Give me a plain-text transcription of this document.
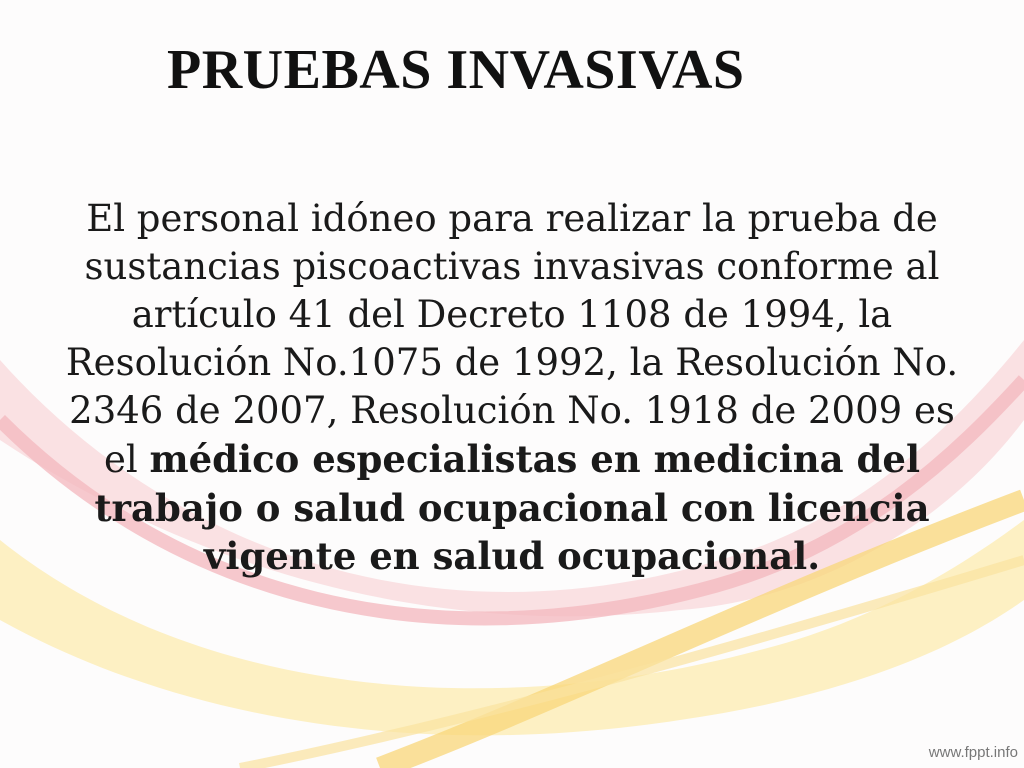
PRUEBAS INVASIVAS
El personal idóneo para realizar la prueba de
sustancias piscoactivas invasivas conforme al
artículo 41 del Decreto 1108 de 1994, la
Resolución No.1075 de 1992, la Resolución No.
2346 de 2007, Resolución No. 1918 de 2009 es
el médico especialistas en medicina del
trabajo o salud ocupacional con licencia
vigente en salud ocupacional.
www.fppt.info
